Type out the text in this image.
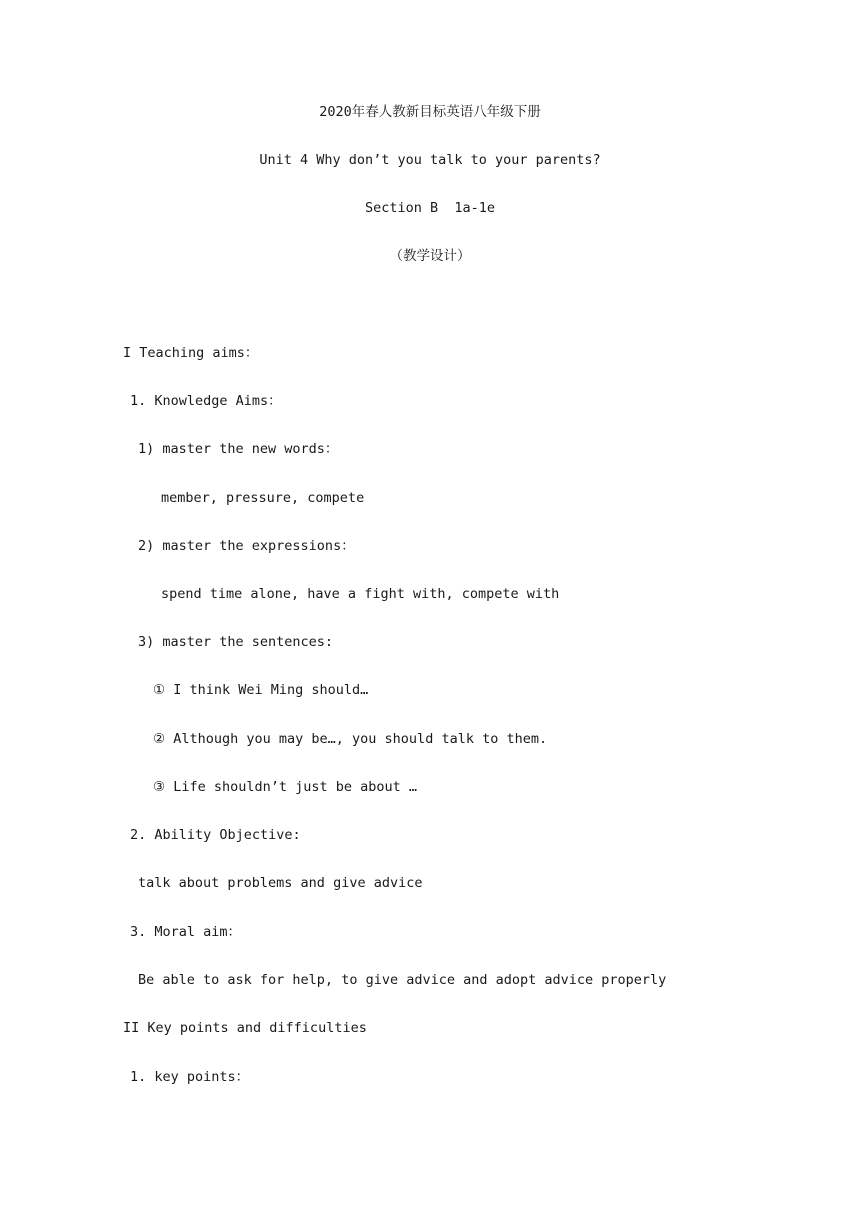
2020年春人教新目标英语八年级下册
Unit 4 Why don’t you talk to your parents?
Section B  1a-1e
（教学设计）
I Teaching aims：
1. Knowledge Aims：
1) master the new words：
member, pressure, compete
2) master the expressions：
spend time alone, have a fight with, compete with
3) master the sentences:
① I think Wei Ming should…
② Although you may be…, you should talk to them.
③ Life shouldn’t just be about …
2. Ability Objective:
talk about problems and give advice
3. Moral aim：
Be able to ask for help, to give advice and adopt advice properly
II Key points and difficulties
1. key points：
